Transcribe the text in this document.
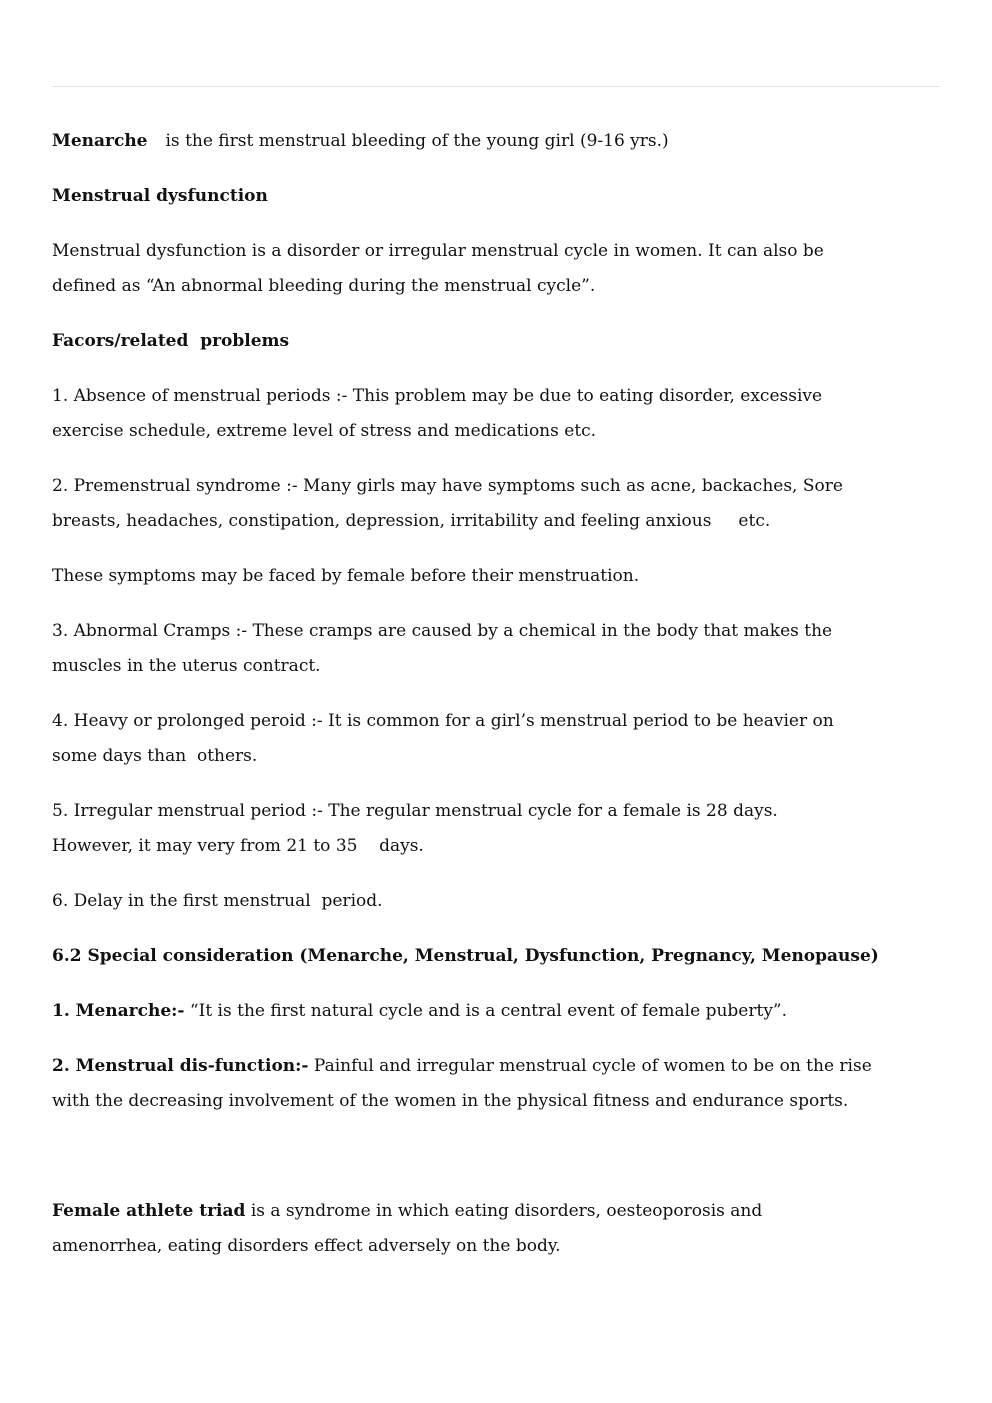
Menarche is the first menstrual bleeding of the young girl (9-16 yrs.)

Menstrual dysfunction

Menstrual dysfunction is a disorder or irregular menstrual cycle in women. It can also be

defined as “An abnormal bleeding during the menstrual cycle”.

Facors/related  problems

1. Absence of menstrual periods :- This problem may be due to eating disorder, excessive

exercise schedule, extreme level of stress and medications etc.

2. Premenstrual syndrome :- Many girls may have symptoms such as acne, backaches, Sore

breasts, headaches, constipation, depression, irritability and feeling anxious     etc.

These symptoms may be faced by female before their menstruation.

3. Abnormal Cramps :- These cramps are caused by a chemical in the body that makes the

muscles in the uterus contract.

4. Heavy or prolonged peroid :- It is common for a girl’s menstrual period to be heavier on

some days than  others.

5. Irregular menstrual period :- The regular menstrual cycle for a female is 28 days.

However, it may very from 21 to 35    days.

6. Delay in the first menstrual  period.

6.2 Special consideration (Menarche, Menstrual, Dysfunction, Pregnancy, Menopause)

1. Menarche:- “It is the first natural cycle and is a central event of female puberty”.

2. Menstrual dis-function:- Painful and irregular menstrual cycle of women to be on the rise

with the decreasing involvement of the women in the physical fitness and endurance sports.

Female athlete triad is a syndrome in which eating disorders, oesteoporosis and

amenorrhea, eating disorders effect adversely on the body.
